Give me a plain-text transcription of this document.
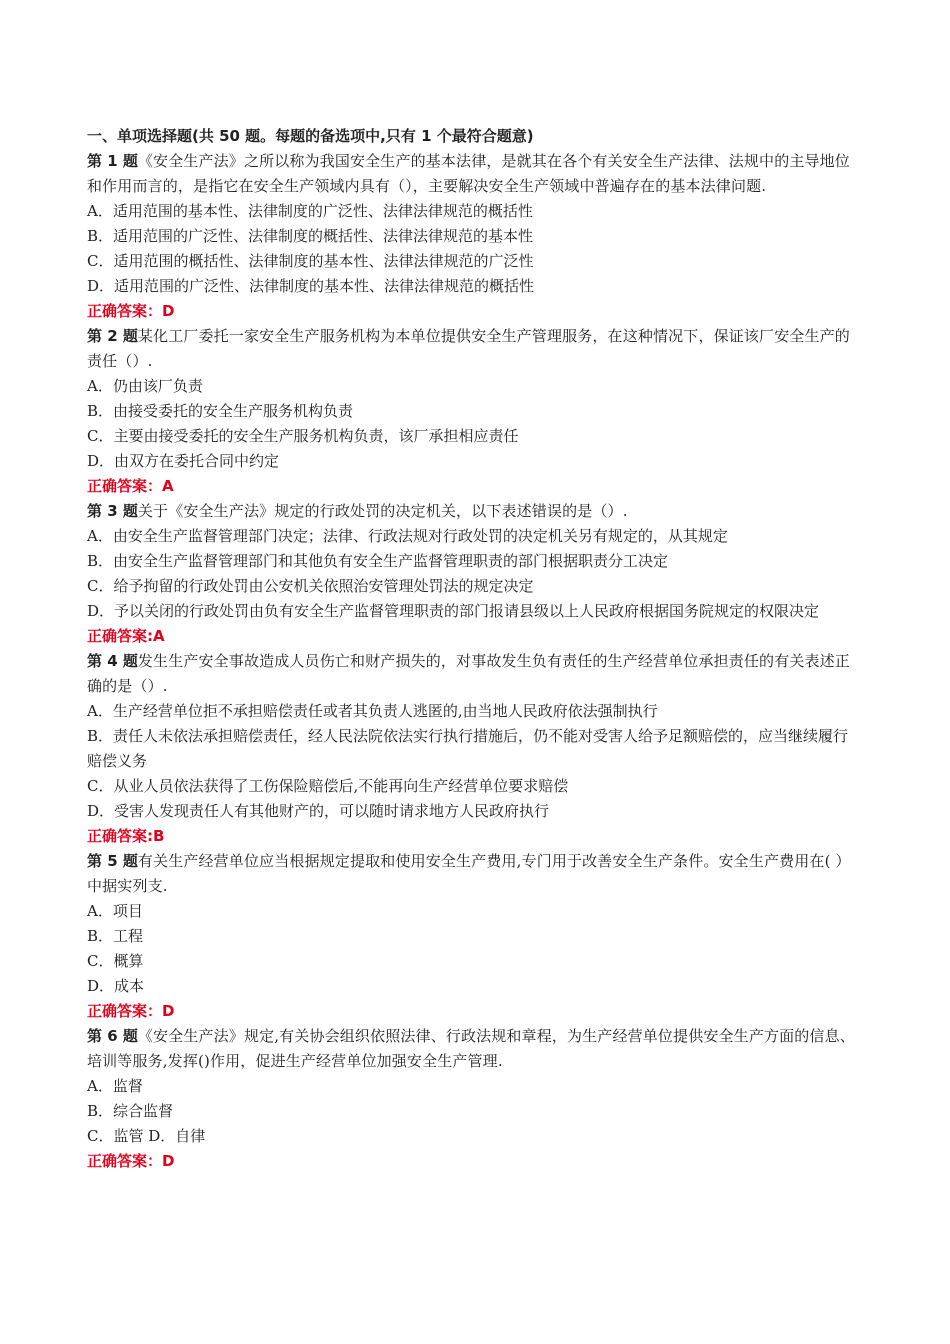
一、单项选择题(共 50 题。每题的备选项中,只有 1 个最符合题意)
第 1 题《安全生产法》之所以称为我国安全生产的基本法律，是就其在各个有关安全生产法律、法规中的主导地位和作用而言的，是指它在安全生产领域内具有（），主要解决安全生产领域中普遍存在的基本法律问题.
A．适用范围的基本性、法律制度的广泛性、法律法律规范的概括性
B．适用范围的广泛性、法律制度的概括性、法律法律规范的基本性
C．适用范围的概括性、法律制度的基本性、法律法律规范的广泛性
D．适用范围的广泛性、法律制度的基本性、法律法律规范的概括性
正确答案：D
第 2 题某化工厂委托一家安全生产服务机构为本单位提供安全生产管理服务，在这种情况下，保证该厂安全生产的责任（）.
A．仍由该厂负责
B．由接受委托的安全生产服务机构负责
C．主要由接受委托的安全生产服务机构负责，该厂承担相应责任
D．由双方在委托合同中约定
正确答案：A
第 3 题关于《安全生产法》规定的行政处罚的决定机关，以下表述错误的是（）.
A．由安全生产监督管理部门决定；法律、行政法规对行政处罚的决定机关另有规定的，从其规定
B．由安全生产监督管理部门和其他负有安全生产监督管理职责的部门根据职责分工决定
C．给予拘留的行政处罚由公安机关依照治安管理处罚法的规定决定
D．予以关闭的行政处罚由负有安全生产监督管理职责的部门报请县级以上人民政府根据国务院规定的权限决定
正确答案:A
第 4 题发生生产安全事故造成人员伤亡和财产损失的，对事故发生负有责任的生产经营单位承担责任的有关表述正确的是（）.
A．生产经营单位拒不承担赔偿责任或者其负责人逃匿的,由当地人民政府依法强制执行
B．责任人未依法承担赔偿责任，经人民法院依法实行执行措施后，仍不能对受害人给予足额赔偿的，应当继续履行赔偿义务
C．从业人员依法获得了工伤保险赔偿后,不能再向生产经营单位要求赔偿
D．受害人发现责任人有其他财产的，可以随时请求地方人民政府执行
正确答案:B
第 5 题有关生产经营单位应当根据规定提取和使用安全生产费用,专门用于改善安全生产条件。安全生产费用在( ）中据实列支.
A．项目
B．工程
C．概算
D．成本
正确答案：D
第 6 题《安全生产法》规定,有关协会组织依照法律、行政法规和章程，为生产经营单位提供安全生产方面的信息、培训等服务,发挥()作用，促进生产经营单位加强安全生产管理.
A．监督
B．综合监督
C．监管 D．自律
正确答案：D
